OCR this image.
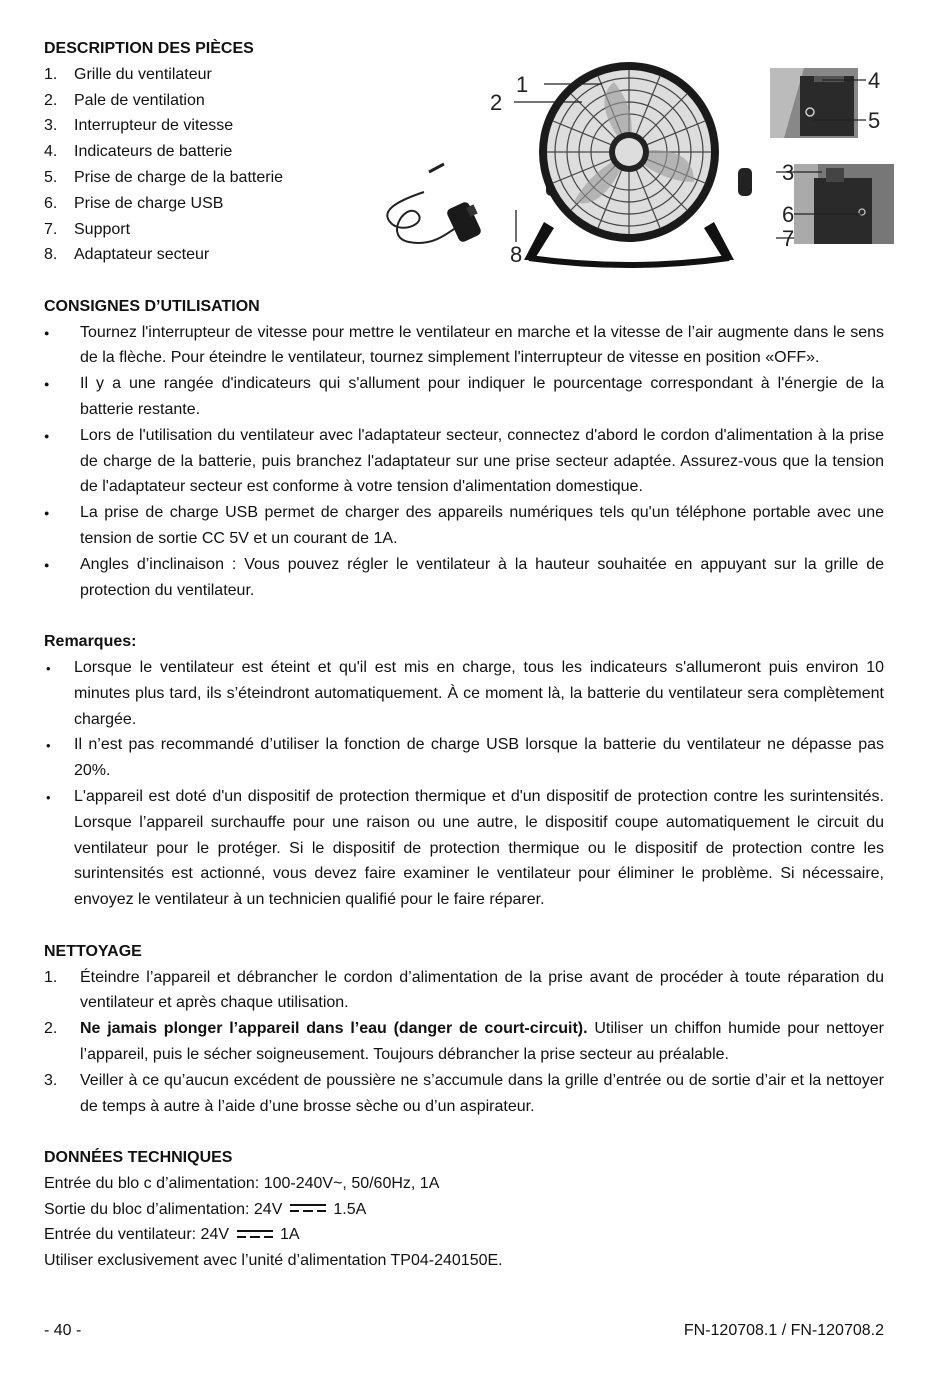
DESCRIPTION DES PIÈCES
1.	Grille du ventilateur
2.	Pale de ventilation
3.	Interrupteur de vitesse
4.	Indicateurs de batterie
5.	Prise de charge de la batterie
6.	Prise de charge USB
7.	Support
8.	Adaptateur secteur
1
2
3
4
5
6
7
8
CONSIGNES D’UTILISATION
●	Tournez l'interrupteur de vitesse pour mettre le ventilateur en marche et la vitesse de l’air augmente dans le sens de la flèche. Pour éteindre le ventilateur, tournez simplement l'interrupteur de vitesse en position «OFF».
●	Il y a une rangée d'indicateurs qui s'allument pour indiquer le pourcentage correspondant à l'énergie de la batterie restante.
●	Lors de l'utilisation du ventilateur avec l'adaptateur secteur, connectez d'abord le cordon d'alimentation à la prise de charge de la batterie, puis branchez l'adaptateur sur une prise secteur adaptée. Assurez-vous que la tension de l'adaptateur secteur est conforme à votre tension d'alimentation domestique.
●	La prise de charge USB permet de charger des appareils numériques tels qu'un téléphone portable avec une tension de sortie CC 5V et un courant de 1A.
●	Angles d’inclinaison : Vous pouvez régler le ventilateur à la hauteur souhaitée en appuyant sur la grille de protection du ventilateur.
Remarques:
•	Lorsque le ventilateur est éteint et qu'il est mis en charge, tous les indicateurs s'allumeront puis environ 10 minutes plus tard, ils s’éteindront automatiquement. À ce moment là, la batterie du ventilateur sera complètement chargée.
•	Il n’est pas recommandé d’utiliser la fonction de charge USB lorsque la batterie du ventilateur ne dépasse pas 20%.
•	L'appareil est doté d'un dispositif de protection thermique et d'un dispositif de protection contre les surintensités. Lorsque l’appareil surchauffe pour une raison ou une autre, le dispositif coupe automatiquement le circuit du ventilateur pour le protéger. Si le dispositif de protection thermique ou le dispositif de protection contre les surintensités est actionné, vous devez faire examiner le ventilateur pour éliminer le problème. Si nécessaire, envoyez le ventilateur à un technicien qualifié pour le faire réparer.
NETTOYAGE
1.	Éteindre l’appareil et débrancher le cordon d’alimentation de la prise avant de procéder à toute réparation du ventilateur et après chaque utilisation.
2.	Ne jamais plonger l’appareil dans l’eau (danger de court-circuit). Utiliser un chiffon humide pour nettoyer l’appareil, puis le sécher soigneusement. Toujours débrancher la prise secteur au préalable.
3.	Veiller à ce qu’aucun excédent de poussière ne s’accumule dans la grille d’entrée ou de sortie d’air et la nettoyer de temps à autre à l’aide d’une brosse sèche ou d’un aspirateur.
DONNÉES TECHNIQUES
Entrée du blo c d’alimentation: 100-240V~, 50/60Hz, 1A
Sortie du bloc d’alimentation: 24V	1.5A
Entrée du ventilateur: 24V	1A
Utiliser exclusivement avec l’unité d’alimentation TP04-240150E.
- 40 -	FN-120708.1 / FN-120708.2
